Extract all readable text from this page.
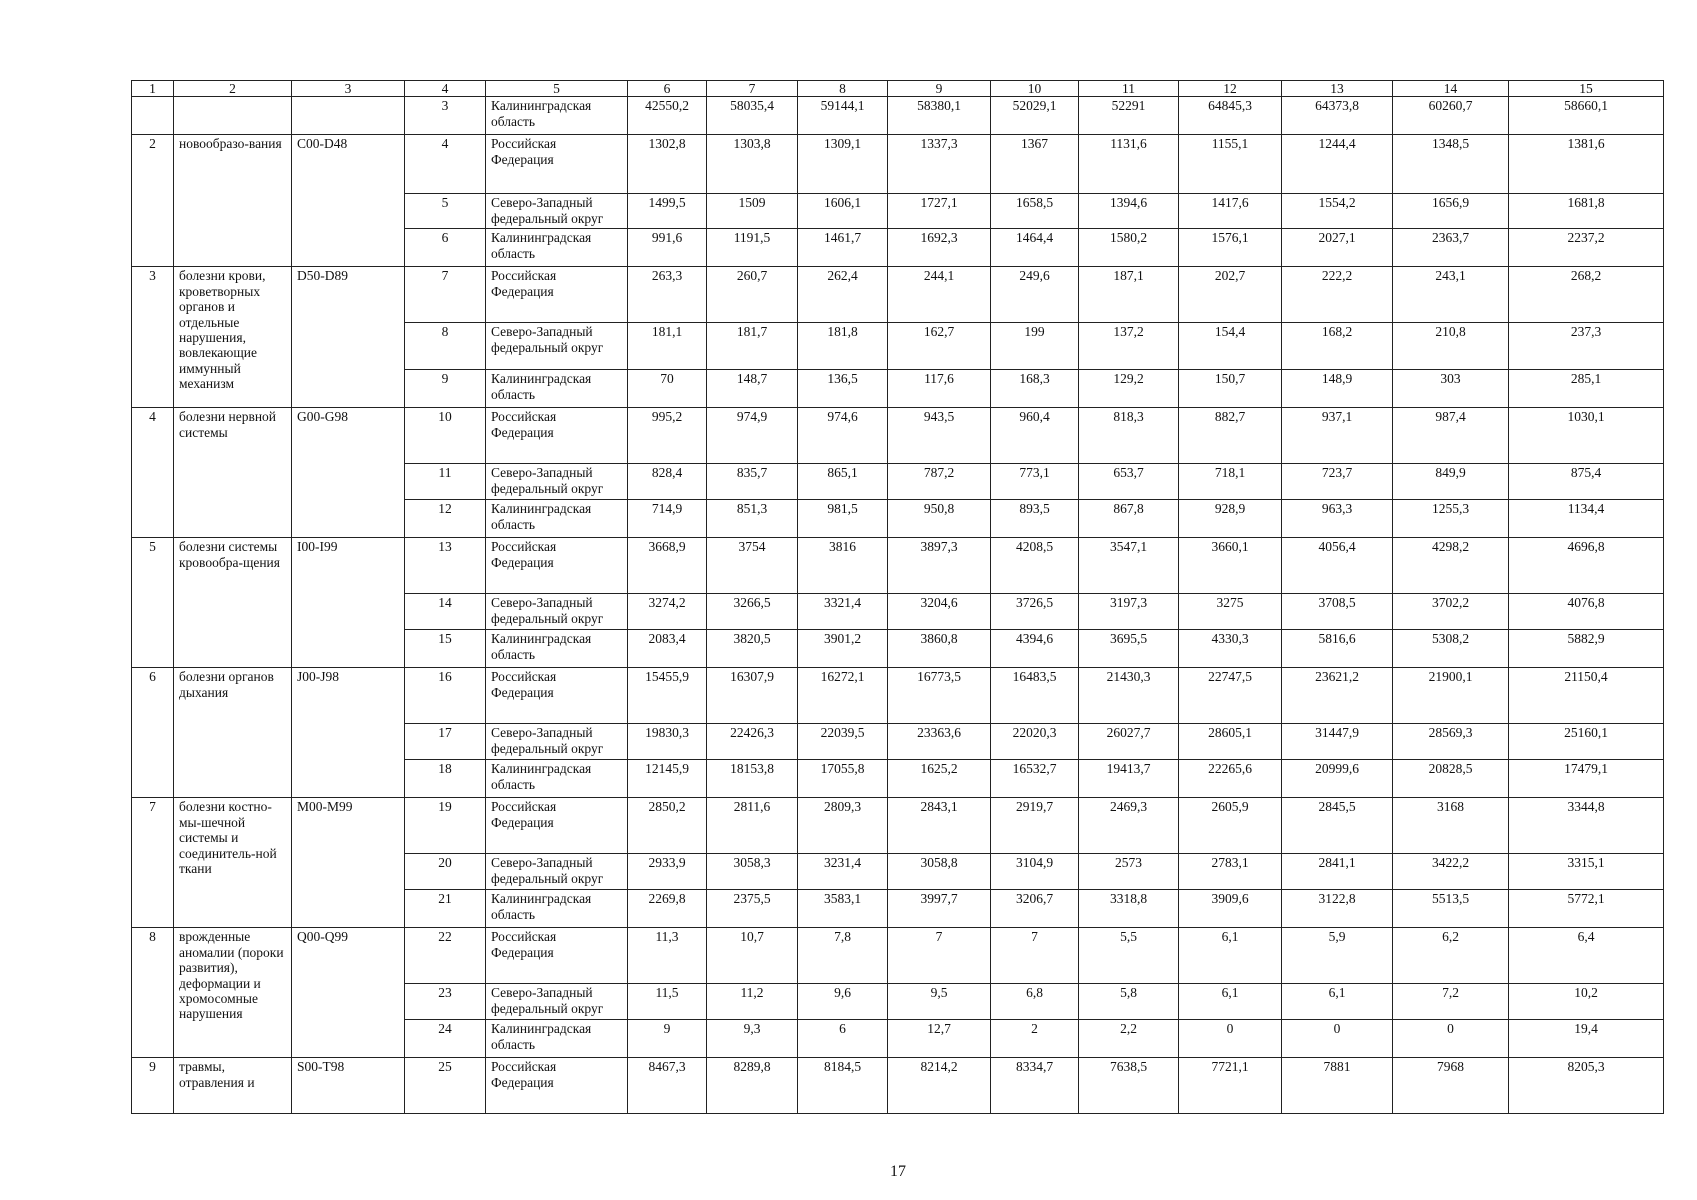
1	2	3	4	5	6	7	8	9	10	11	12	13	14	15
			3	Калининградская область	42550,2	58035,4	59144,1	58380,1	52029,1	52291	64845,3	64373,8	60260,7	58660,1
2	новообразо-вания	C00-D48	4	Российская Федерация	1302,8	1303,8	1309,1	1337,3	1367	1131,6	1155,1	1244,4	1348,5	1381,6
			5	Северо-Западный федеральный округ	1499,5	1509	1606,1	1727,1	1658,5	1394,6	1417,6	1554,2	1656,9	1681,8
			6	Калининградская область	991,6	1191,5	1461,7	1692,3	1464,4	1580,2	1576,1	2027,1	2363,7	2237,2
3	болезни крови, кроветворных органов и отдельные нарушения, вовлекающие иммунный механизм	D50-D89	7	Российская Федерация	263,3	260,7	262,4	244,1	249,6	187,1	202,7	222,2	243,1	268,2
			8	Северо-Западный федеральный округ	181,1	181,7	181,8	162,7	199	137,2	154,4	168,2	210,8	237,3
			9	Калининградская область	70	148,7	136,5	117,6	168,3	129,2	150,7	148,9	303	285,1
4	болезни нервной системы	G00-G98	10	Российская Федерация	995,2	974,9	974,6	943,5	960,4	818,3	882,7	937,1	987,4	1030,1
			11	Северо-Западный федеральный округ	828,4	835,7	865,1	787,2	773,1	653,7	718,1	723,7	849,9	875,4
			12	Калининградская область	714,9	851,3	981,5	950,8	893,5	867,8	928,9	963,3	1255,3	1134,4
5	болезни системы кровообра-щения	I00-I99	13	Российская Федерация	3668,9	3754	3816	3897,3	4208,5	3547,1	3660,1	4056,4	4298,2	4696,8
			14	Северо-Западный федеральный округ	3274,2	3266,5	3321,4	3204,6	3726,5	3197,3	3275	3708,5	3702,2	4076,8
			15	Калининградская область	2083,4	3820,5	3901,2	3860,8	4394,6	3695,5	4330,3	5816,6	5308,2	5882,9
6	болезни органов дыхания	J00-J98	16	Российская Федерация	15455,9	16307,9	16272,1	16773,5	16483,5	21430,3	22747,5	23621,2	21900,1	21150,4
			17	Северо-Западный федеральный округ	19830,3	22426,3	22039,5	23363,6	22020,3	26027,7	28605,1	31447,9	28569,3	25160,1
			18	Калининградская область	12145,9	18153,8	17055,8	1625,2	16532,7	19413,7	22265,6	20999,6	20828,5	17479,1
7	болезни костно-мы-шечной системы и соединитель-ной ткани	M00-M99	19	Российская Федерация	2850,2	2811,6	2809,3	2843,1	2919,7	2469,3	2605,9	2845,5	3168	3344,8
			20	Северо-Западный федеральный округ	2933,9	3058,3	3231,4	3058,8	3104,9	2573	2783,1	2841,1	3422,2	3315,1
			21	Калининградская область	2269,8	2375,5	3583,1	3997,7	3206,7	3318,8	3909,6	3122,8	5513,5	5772,1
8	врожденные аномалии (пороки развития), деформации и хромосомные нарушения	Q00-Q99	22	Российская Федерация	11,3	10,7	7,8	7	7	5,5	6,1	5,9	6,2	6,4
			23	Северо-Западный федеральный округ	11,5	11,2	9,6	9,5	6,8	5,8	6,1	6,1	7,2	10,2
			24	Калининградская область	9	9,3	6	12,7	2	2,2	0	0	0	19,4
9	травмы, отравления и	S00-T98	25	Российская Федерация	8467,3	8289,8	8184,5	8214,2	8334,7	7638,5	7721,1	7881	7968	8205,3
17
